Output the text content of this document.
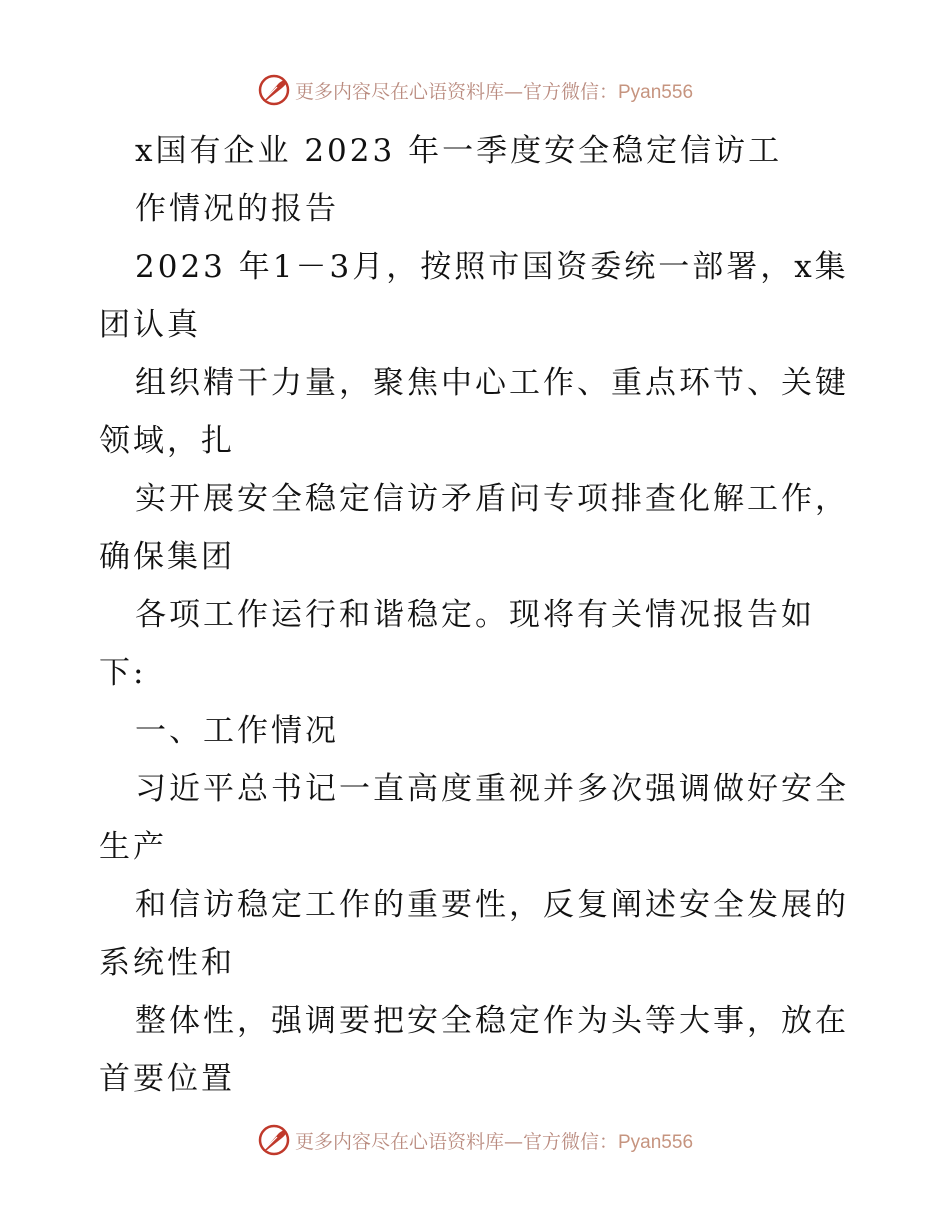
更多内容尽在心语资料库—官方微信：Pyan556
x国有企业 2023 年一季度安全稳定信访工
作情况的报告
2023 年1－3月，按照市国资委统一部署，x集
团认真
组织精干力量，聚焦中心工作、重点环节、关键
领域，扎
实开展安全稳定信访矛盾问专项排查化解工作，
确保集团
各项工作运行和谐稳定。现将有关情况报告如
下:
一、工作情况
习近平总书记一直高度重视并多次强调做好安全
生产
和信访稳定工作的重要性，反复阐述安全发展的
系统性和
整体性，强调要把安全稳定作为头等大事，放在
首要位置
更多内容尽在心语资料库—官方微信：Pyan556
